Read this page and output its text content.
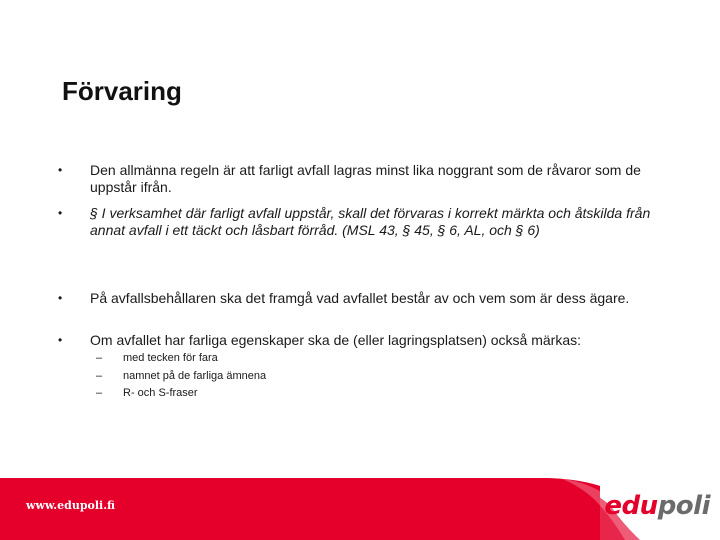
Förvaring
•	Den allmänna regeln är att farligt avfall lagras minst lika noggrant som de råvaror som de uppstår ifrån.
•	§ I verksamhet där farligt avfall uppstår, skall det förvaras i korrekt märkta och åtskilda från annat avfall i ett täckt och låsbart förråd. (MSL 43, § 45, § 6, AL, och § 6)
•	På avfallsbehållaren ska det framgå vad avfallet består av och vem som är dess ägare.
•	Om avfallet har farliga egenskaper ska de (eller lagringsplatsen) också märkas:
– med tecken för fara
– namnet på de farliga ämnena
– R- och S-fraser
www.edupoli.fi	edupoli
